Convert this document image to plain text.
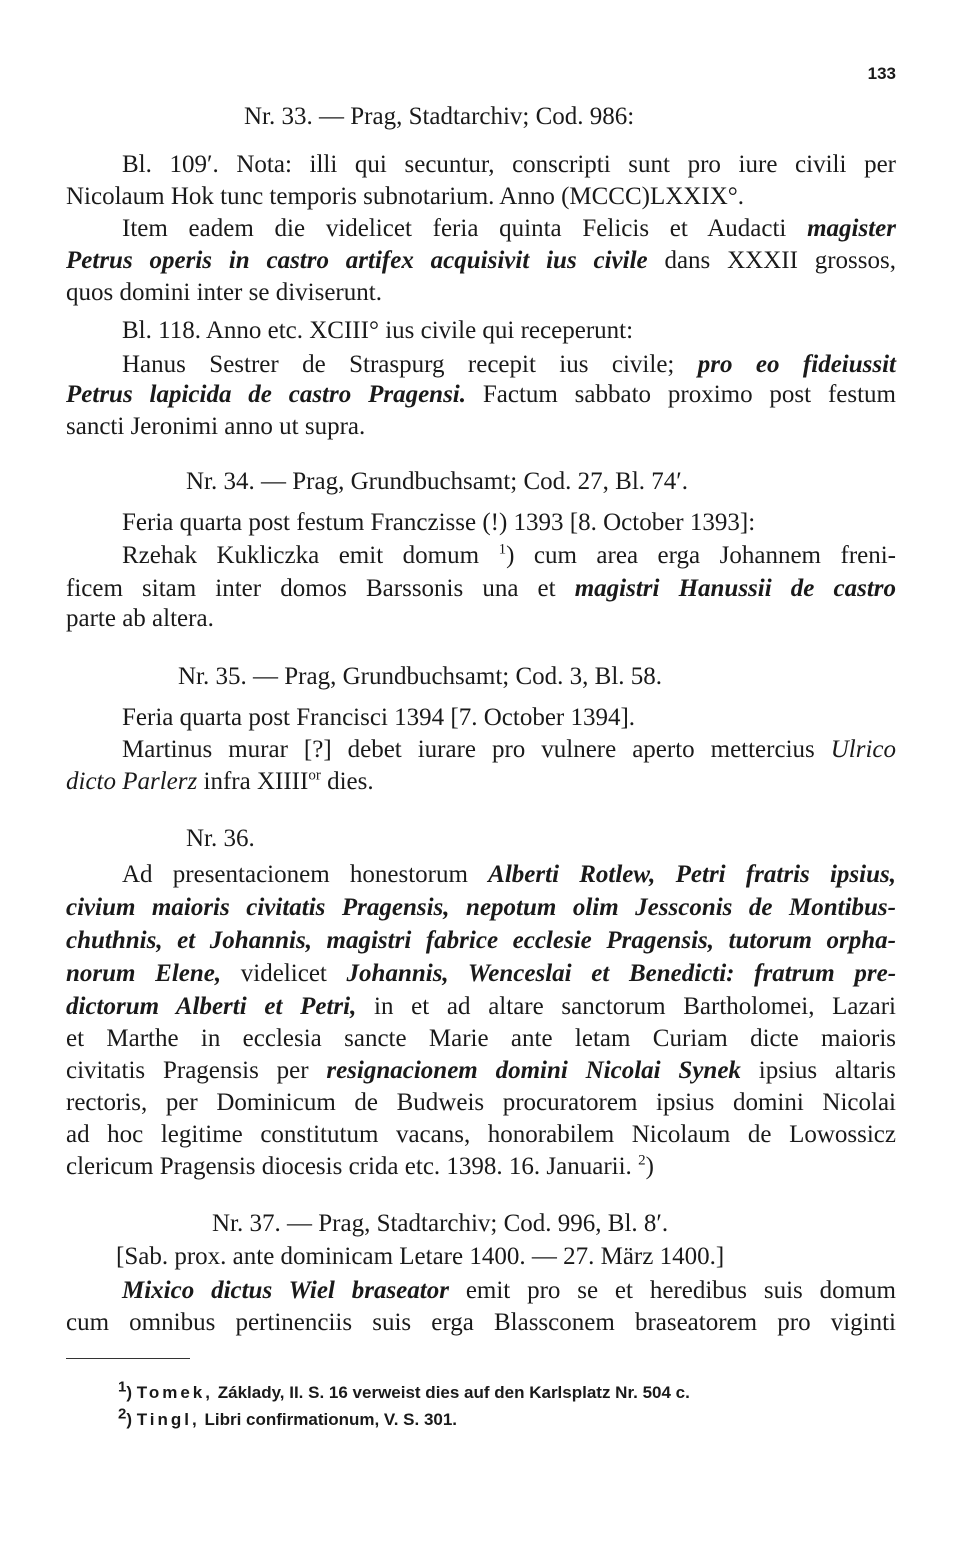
133
Nr. 33. — Prag, Stadtarchiv; Cod. 986:
Bl. 109′. Nota: illi qui secuntur, conscripti sunt pro iure civili per
Nicolaum Hok tunc temporis subnotarium. Anno (MCCC)LXXIX°.
Item eadem die videlicet feria quinta Felicis et Audacti magister
Petrus operis in castro artifex acquisivit ius civile dans XXXII grossos,
quos domini inter se diviserunt.
Bl. 118. Anno etc. XCIII° ius civile qui receperunt:
Hanus Sestrer de Straspurg recepit ius civile; pro eo fideiussit
Petrus lapicida de castro Pragensi. Factum sabbato proximo post festum
sancti Jeronimi anno ut supra.
Nr. 34. — Prag, Grundbuchsamt; Cod. 27, Bl. 74′.
Feria quarta post festum Franczisse (!) 1393 [8. October 1393]:
Rzehak Kukliczka emit domum $^1$) cum area erga Johannem freni-
ficem sitam inter domos Barssonis una et magistri Hanussii de castro
parte ab altera.
Nr. 35. — Prag, Grundbuchsamt; Cod. 3, Bl. 58.
Feria quarta post Francisci 1394 [7. October 1394].
Martinus murar [?] debet iurare pro vulnere aperto mettercius Ulrico
dicto Parlerz infra $XIIII^{or}$ dies.
Nr. 36.
Ad presentacionem honestorum Alberti Rotlew, Petri fratris ipsius,
civium maioris civitatis Pragensis, nepotum olim Jessconis de Montibus-
chuthnis, et Johannis, magistri fabrice ecclesie Pragensis, tutorum orpha-
norum Elene, videlicet Johannis, Wenceslai et Benedicti: fratrum pre-
dictorum Alberti et Petri, in et ad altare sanctorum Bartholomei, Lazari
et Marthe in ecclesia sancte Marie ante letam Curiam dicte maioris
civitatis Pragensis per resignacionem domini Nicolai Synek ipsius altaris
rectoris, per Dominicum de Budweis procuratorem ipsius domini Nicolai
ad hoc legitime constitutum vacans, honorabilem Nicolaum de Lowossicz
clericum Pragensis diocesis crida etc. 1398. 16. Januarii. $^2$)
Nr. 37. — Prag, Stadtarchiv; Cod. 996, Bl. 8′.
[Sab. prox. ante dominicam Letare 1400. — 27. März 1400.]
Mixico dictus Wiel braseator emit pro se et heredibus suis domum
cum omnibus pertinenciis suis erga Blassconem braseatorem pro viginti
$^1$) Tomek, Základy, II. S. 16 verweist dies auf den Karlsplatz Nr. 504 c.
$^2$) Tingl, Libri confirmationum, V. S. 301.
